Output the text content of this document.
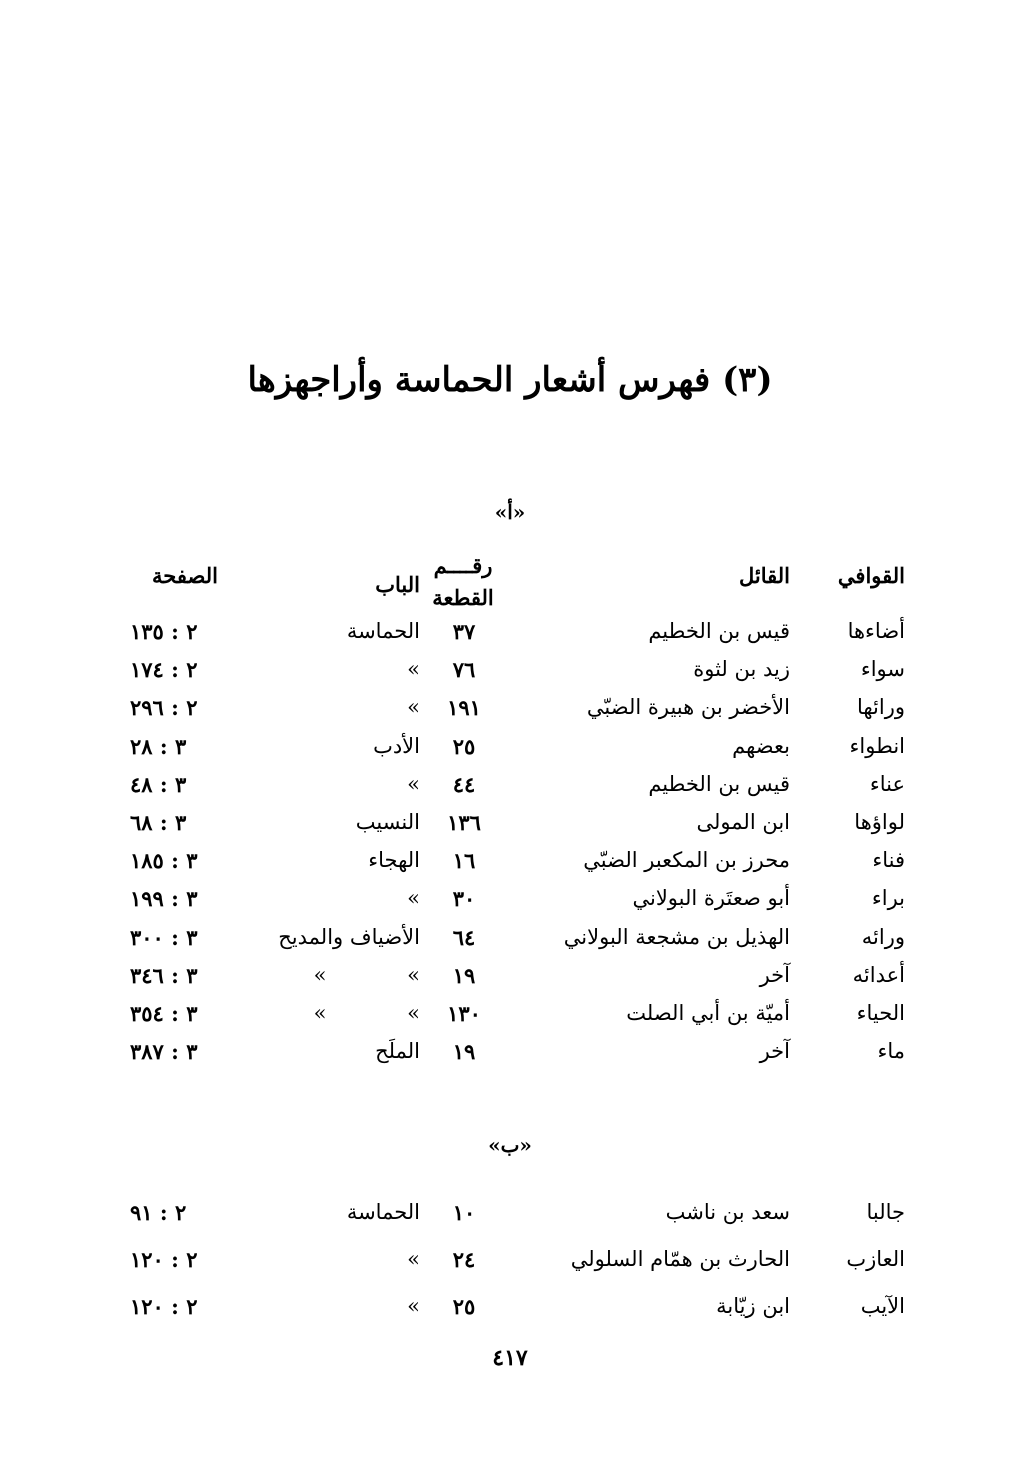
(٣) فهرس أشعار الحماسة وأراجهزها
«أ»
القوافي
القائل
رقــــم
القطعة
الباب
الصفحة
أضاءها
قيس بن الخطيم
٣٧
الحماسة
٢ : ١٣٥
سواء
زيد بن لثوة
٧٦
»
٢ : ١٧٤
ورائها
الأخضر بن هبيرة الضبّي
١٩١
»
٢ : ٢٩٦
انطواء
بعضهم
٢٥
الأدب
٣ : ٢٨
عناء
قيس بن الخطيم
٤٤
»
٣ : ٤٨
لواؤها
ابن المولى
١٣٦
النسيب
٣ : ٦٨
فناء
محرز بن المكعبر الضبّي
١٦
الهجاء
٣ : ١٨٥
براء
أبو صعتَرة البولاني
٣٠
»
٣ : ١٩٩
ورائه
الهذيل بن مشجعة البولاني
٦٤
الأضياف والمديح
٣ : ٣٠٠
أعدائه
آخر
١٩
»
٣ : ٣٤٦	»
الحياء
أميّة بن أبي الصلت
١٣٠
»
٣ : ٣٥٤	»
ماء
آخر
١٩
الملَح
٣ : ٣٨٧
«ب»
جالبا
سعد بن ناشب
١٠
الحماسة
٢ : ٩١
العازب
الحارث بن همّام السلولي
٢٤
»
٢ : ١٢٠
الآيب
ابن زيّابة
٢٥
»
٢ : ١٢٠
٤١٧
